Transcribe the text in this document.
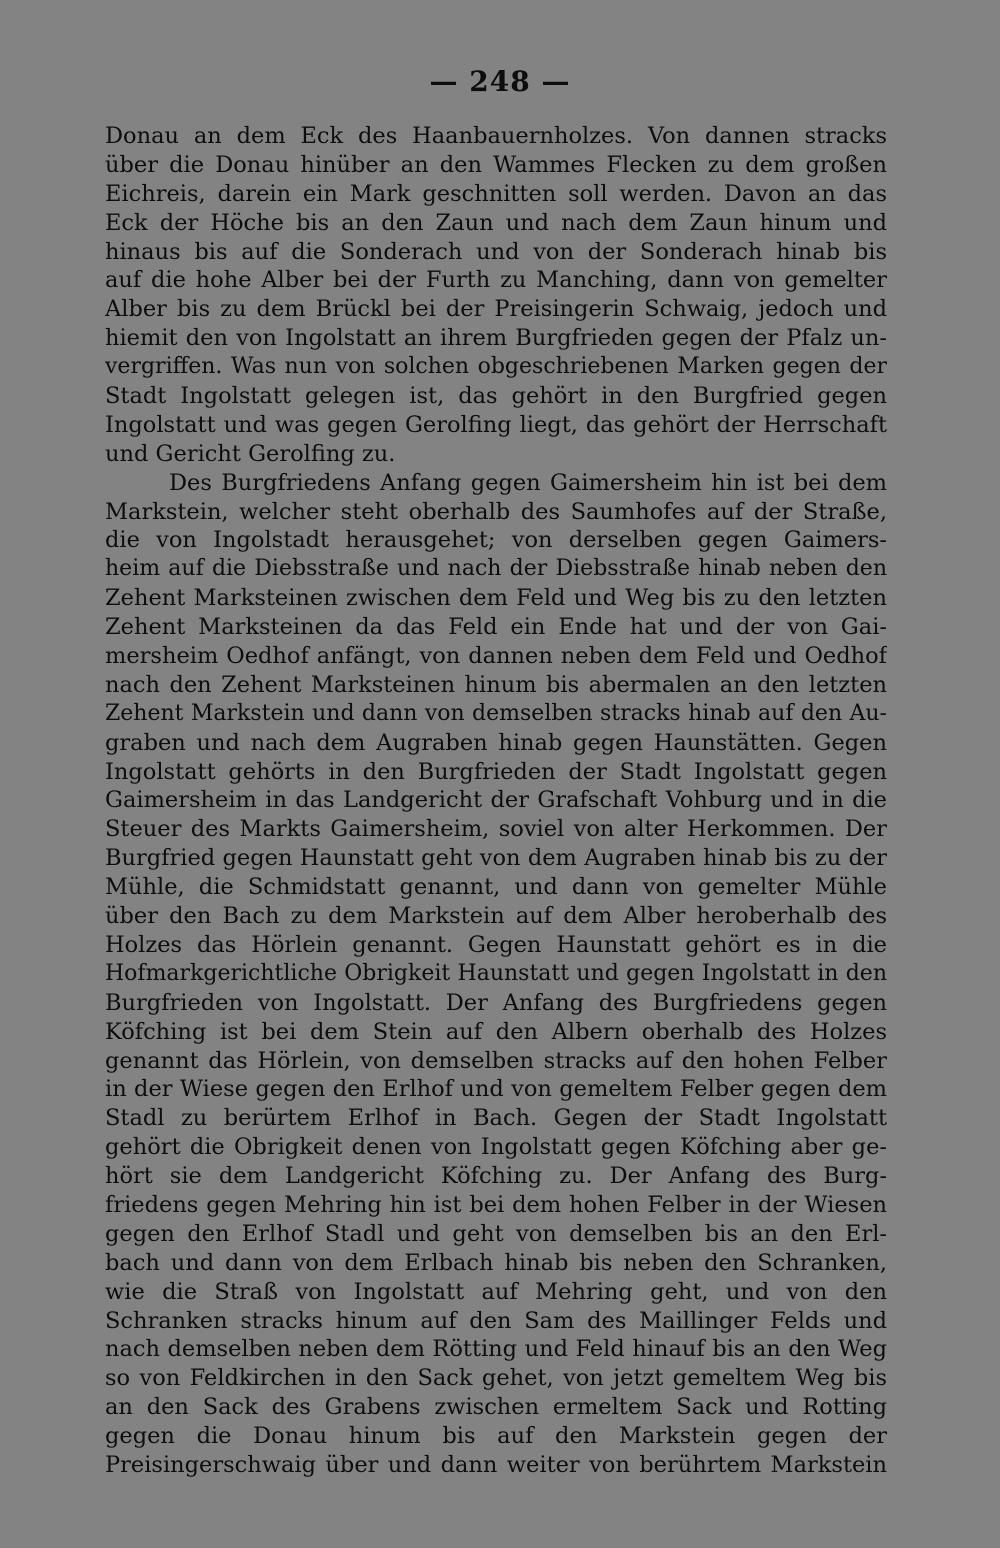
— 248 —
Donau an dem Eck des Haanbauernholzes. Von dannen stracks
über die Donau hinüber an den Wammes Flecken zu dem großen
Eichreis, darein ein Mark geschnitten soll werden. Davon an das
Eck der Höche bis an den Zaun und nach dem Zaun hinum und
hinaus bis auf die Sonderach und von der Sonderach hinab bis
auf die hohe Alber bei der Furth zu Manching, dann von gemelter
Alber bis zu dem Brückl bei der Preisingerin Schwaig, jedoch und
hiemit den von Ingolstatt an ihrem Burgfrieden gegen der Pfalz un-
vergriffen. Was nun von solchen obgeschriebenen Marken gegen der
Stadt Ingolstatt gelegen ist, das gehört in den Burgfried gegen
Ingolstatt und was gegen Gerolfing liegt, das gehört der Herrschaft
und Gericht Gerolfing zu.
Des Burgfriedens Anfang gegen Gaimersheim hin ist bei dem
Markstein, welcher steht oberhalb des Saumhofes auf der Straße,
die von Ingolstadt herausgehet; von derselben gegen Gaimers-
heim auf die Diebsstraße und nach der Diebsstraße hinab neben den
Zehent Marksteinen zwischen dem Feld und Weg bis zu den letzten
Zehent Marksteinen da das Feld ein Ende hat und der von Gai-
mersheim Oedhof anfängt, von dannen neben dem Feld und Oedhof
nach den Zehent Marksteinen hinum bis abermalen an den letzten
Zehent Markstein und dann von demselben stracks hinab auf den Au-
graben und nach dem Augraben hinab gegen Haunstätten. Gegen
Ingolstatt gehörts in den Burgfrieden der Stadt Ingolstatt gegen
Gaimersheim in das Landgericht der Grafschaft Vohburg und in die
Steuer des Markts Gaimersheim, soviel von alter Herkommen. Der
Burgfried gegen Haunstatt geht von dem Augraben hinab bis zu der
Mühle, die Schmidstatt genannt, und dann von gemelter Mühle
über den Bach zu dem Markstein auf dem Alber heroberhalb des
Holzes das Hörlein genannt. Gegen Haunstatt gehört es in die
Hofmarkgerichtliche Obrigkeit Haunstatt und gegen Ingolstatt in den
Burgfrieden von Ingolstatt. Der Anfang des Burgfriedens gegen
Köfching ist bei dem Stein auf den Albern oberhalb des Holzes
genannt das Hörlein, von demselben stracks auf den hohen Felber
in der Wiese gegen den Erlhof und von gemeltem Felber gegen dem
Stadl zu berürtem Erlhof in Bach. Gegen der Stadt Ingolstatt
gehört die Obrigkeit denen von Ingolstatt gegen Köfching aber ge-
hört sie dem Landgericht Köfching zu. Der Anfang des Burg-
friedens gegen Mehring hin ist bei dem hohen Felber in der Wiesen
gegen den Erlhof Stadl und geht von demselben bis an den Erl-
bach und dann von dem Erlbach hinab bis neben den Schranken,
wie die Straß von Ingolstatt auf Mehring geht, und von den
Schranken stracks hinum auf den Sam des Maillinger Felds und
nach demselben neben dem Rötting und Feld hinauf bis an den Weg
so von Feldkirchen in den Sack gehet, von jetzt gemeltem Weg bis
an den Sack des Grabens zwischen ermeltem Sack und Rotting
gegen die Donau hinum bis auf den Markstein gegen der
Preisingerschwaig über und dann weiter von berührtem Markstein
